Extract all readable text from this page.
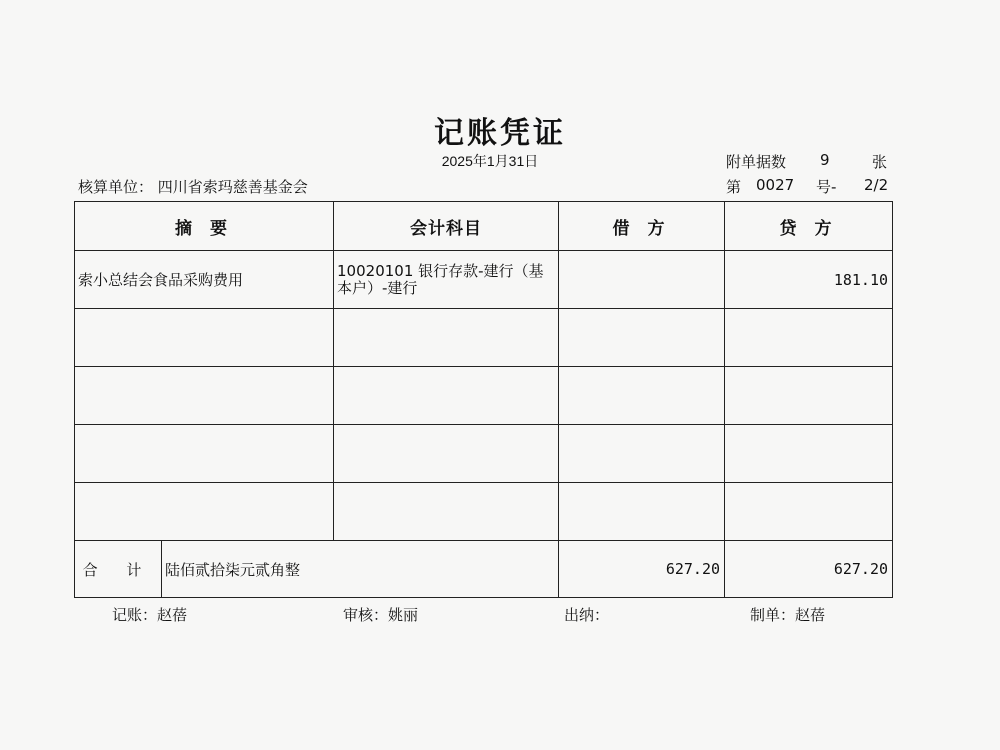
记账凭证
2025年1月31日
核算单位： 四川省索玛慈善基金会
附单据数 9	张
第 0027 号- 2/2
摘 要		会计科目	借 方	贷 方
索小总结会食品采购费用		10020101 银行存款-建行（基本户）-建行		181.10

合 计	陆佰贰拾柒元贰角整		627.20	627.20
记账：赵蓓	审核：姚丽	出纳：	制单：赵蓓
